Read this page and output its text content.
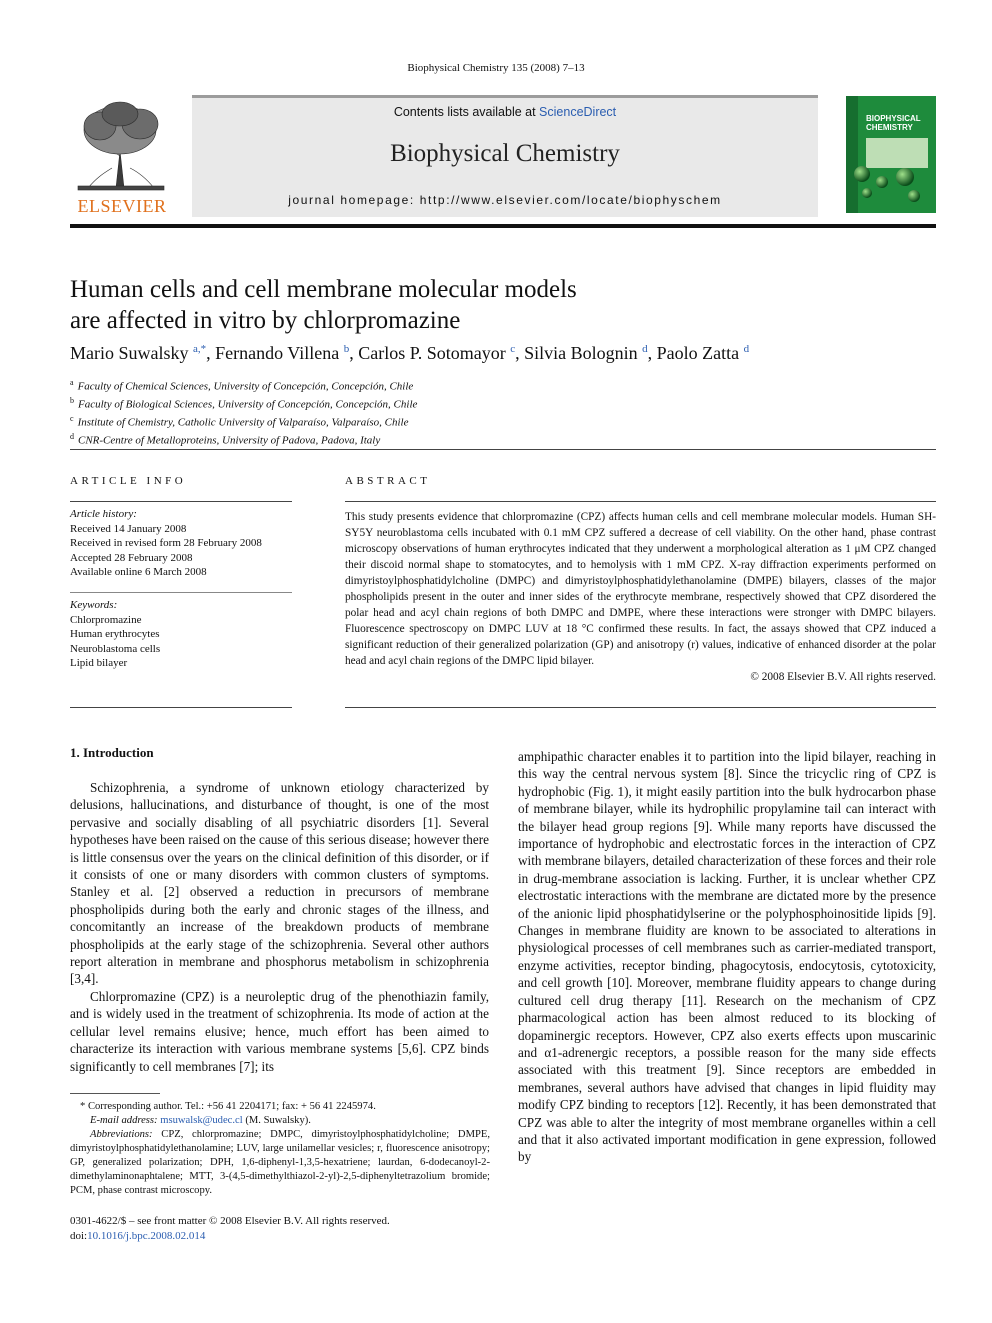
Biophysical Chemistry 135 (2008) 7–13
ELSEVIER
Contents lists available at ScienceDirect
Biophysical Chemistry
journal homepage: http://www.elsevier.com/locate/biophyschem
BIOPHYSICAL
CHEMISTRY
Human cells and cell membrane molecular models
are affected in vitro by chlorpromazine
Mario Suwalsky $^{a,*}$, Fernando Villena $^b$, Carlos P. Sotomayor $^c$, Silvia Bolognin $^d$, Paolo Zatta $^d$
$^a$ Faculty of Chemical Sciences, University of Concepción, Concepción, Chile
$^b$ Faculty of Biological Sciences, University of Concepción, Concepción, Chile
$^c$ Institute of Chemistry, Catholic University of Valparaíso, Valparaíso, Chile
$^d$ CNR-Centre of Metalloproteins, University of Padova, Padova, Italy
ARTICLE INFO
Article history:
Received 14 January 2008
Received in revised form 28 February 2008
Accepted 28 February 2008
Available online 6 March 2008
Keywords:
Chlorpromazine
Human erythrocytes
Neuroblastoma cells
Lipid bilayer
ABSTRACT
This study presents evidence that chlorpromazine (CPZ) affects human cells and cell membrane molecular models. Human SH-SY5Y neuroblastoma cells incubated with 0.1 mM CPZ suffered a decrease of cell viability. On the other hand, phase contrast microscopy observations of human erythrocytes indicated that they underwent a morphological alteration as 1 μM CPZ changed their discoid normal shape to stomatocytes, and to hemolysis with 1 mM CPZ. X-ray diffraction experiments performed on dimyristoylphosphatidylcholine (DMPC) and dimyristoylphosphatidylethanolamine (DMPE) bilayers, classes of the major phospholipids present in the outer and inner sides of the erythrocyte membrane, respectively showed that CPZ disordered the polar head and acyl chain regions of both DMPC and DMPE, where these interactions were stronger with DMPC bilayers. Fluorescence spectroscopy on DMPC LUV at 18 °C confirmed these results. In fact, the assays showed that CPZ induced a significant reduction of their generalized polarization (GP) and anisotropy (r) values, indicative of enhanced disorder at the polar head and acyl chain regions of the DMPC lipid bilayer.
© 2008 Elsevier B.V. All rights reserved.
1. Introduction

Schizophrenia, a syndrome of unknown etiology characterized by delusions, hallucinations, and disturbance of thought, is one of the most pervasive and socially disabling of all psychiatric disorders [1]. Several hypotheses have been raised on the cause of this serious disease; however there is little consensus over the years on the clinical definition of this disorder, or if it consists of one or many disorders with common clusters of symptoms. Stanley et al. [2] observed a reduction in precursors of membrane phospholipids during both the early and chronic stages of the illness, and concomitantly an increase of the breakdown products of membrane phospholipids at the early stage of the schizophrenia. Several other authors report alteration in membrane and phosphorus metabolism in schizophrenia [3,4].

Chlorpromazine (CPZ) is a neuroleptic drug of the phenothiazin family, and is widely used in the treatment of schizophrenia. Its mode of action at the cellular level remains elusive; hence, much effort has been aimed to characterize its interaction with various membrane systems [5,6]. CPZ binds significantly to cell membranes [7]; its

amphipathic character enables it to partition into the lipid bilayer, reaching in this way the central nervous system [8]. Since the tricyclic ring of CPZ is hydrophobic (Fig. 1), it might easily partition into the bulk hydrocarbon phase of membrane bilayer, while its hydrophilic propylamine tail can interact with the bilayer head group regions [9]. While many reports have discussed the importance of hydrophobic and electrostatic forces in the interaction of CPZ with membrane bilayers, detailed characterization of these forces and their role in drug-membrane association is lacking. Further, it is unclear whether CPZ electrostatic interactions with the membrane are dictated more by the presence of the anionic lipid phosphatidylserine or the polyphosphoinositide lipids [9]. Changes in membrane fluidity are known to be associated to alterations in physiological processes of cell membranes such as carrier-mediated transport, enzyme activities, receptor binding, phagocytosis, endocytosis, cytotoxicity, and cell growth [10]. Moreover, membrane fluidity appears to change during cultured cell drug therapy [11]. Research on the mechanism of CPZ pharmacological action has been almost reduced to its blocking of dopaminergic receptors. However, CPZ also exerts effects upon muscarinic and α1-adrenergic receptors, a possible reason for the many side effects associated with this treatment [9]. Since receptors are embedded in membranes, several authors have advised that changes in lipid fluidity may modify CPZ binding to receptors [12]. Recently, it has been demonstrated that CPZ was able to alter the integrity of most membrane organelles within a cell and that it also activated important modification in gene expression, followed by

* Corresponding author. Tel.: +56 41 2204171; fax: + 56 41 2245974.

E-mail address: msuwalsk@udec.cl (M. Suwalsky).

Abbreviations: CPZ, chlorpromazine; DMPC, dimyristoylphosphatidylcholine; DMPE, dimyristoylphosphatidylethanolamine; LUV, large unilamellar vesicles; r, fluorescence anisotropy; GP, generalized polarization; DPH, 1,6-diphenyl-1,3,5-hexatriene; laurdan, 6-dodecanoyl-2-dimethylaminonaphtalene; MTT, 3-(4,5-dimethylthiazol-2-yl)-2,5-diphenyltetrazolium bromide; PCM, phase contrast microscopy.

0301-4622/$ – see front matter © 2008 Elsevier B.V. All rights reserved.
doi:10.1016/j.bpc.2008.02.014
